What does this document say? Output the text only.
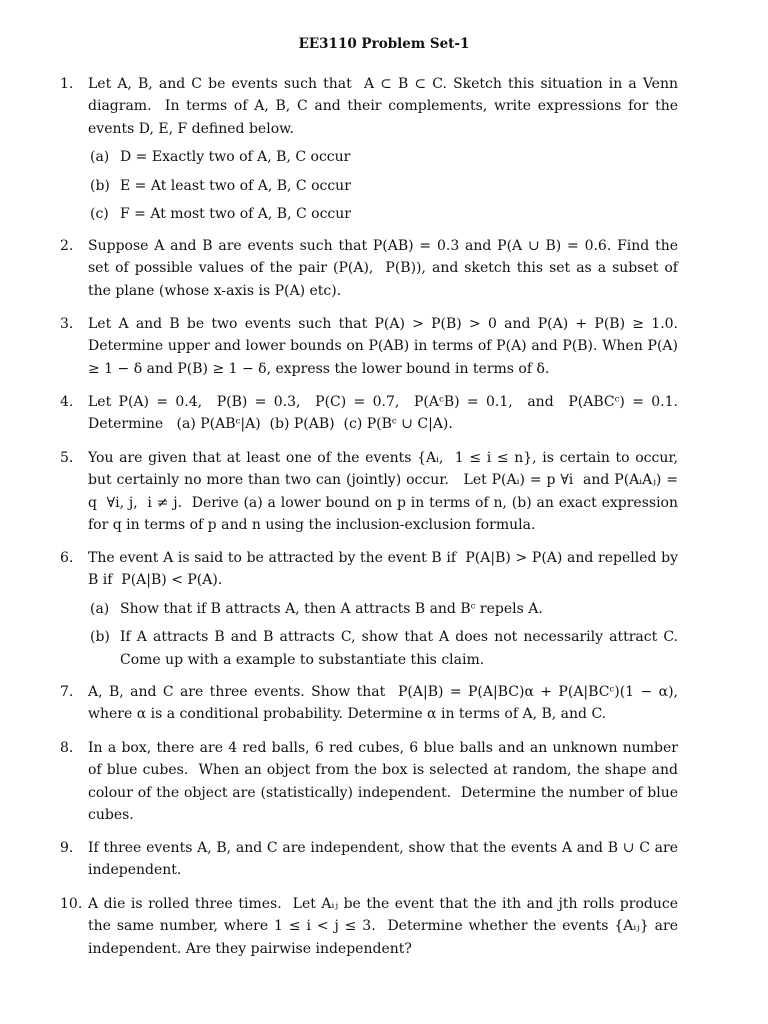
EE3110 Problem Set-1
1.	Let A, B, and C be events such that  A ⊂ B ⊂ C. Sketch this situation in a Venn diagram.  In terms of A, B, C and their complements, write expressions for the events D, E, F defined below.
(a) D = Exactly two of A, B, C occur
(b) E = At least two of A, B, C occur
(c) F = At most two of A, B, C occur
2.	Suppose A and B are events such that P(AB) = 0.3 and P(A ∪ B) = 0.6. Find the set of possible values of the pair (P(A),  P(B)), and sketch this set as a subset of the plane (whose x-axis is P(A) etc).
3.	Let A and B be two events such that P(A) > P(B) > 0 and P(A) + P(B) ≥ 1.0. Determine upper and lower bounds on P(AB) in terms of P(A) and P(B). When P(A) ≥ 1 − δ and P(B) ≥ 1 − δ, express the lower bound in terms of δ.
4.	Let P(A) = 0.4,  P(B) = 0.3,  P(C) = 0.7,  P(AᶜB) = 0.1,  and  P(ABCᶜ) = 0.1. Determine   (a) P(ABᶜ|A)  (b) P(AB)  (c) P(Bᶜ ∪ C|A).
5.	You are given that at least one of the events {Aᵢ,  1 ≤ i ≤ n}, is certain to occur, but certainly no more than two can (jointly) occur.   Let P(Aᵢ) = p ∀i  and P(AᵢAⱼ) = q  ∀i, j,  i ≠ j.  Derive (a) a lower bound on p in terms of n, (b) an exact expression for q in terms of p and n using the inclusion-exclusion formula.
6.	The event A is said to be attracted by the event B if  P(A|B) > P(A) and repelled by B if  P(A|B) < P(A).
(a) Show that if B attracts A, then A attracts B and Bᶜ repels A.
(b) If A attracts B and B attracts C, show that A does not necessarily attract C. Come up with a example to substantiate this claim.
7.	A, B, and C are three events. Show that  P(A|B) = P(A|BC)α + P(A|BCᶜ)(1 − α), where α is a conditional probability. Determine α in terms of A, B, and C.
8.	In a box, there are 4 red balls, 6 red cubes, 6 blue balls and an unknown number of blue cubes.  When an object from the box is selected at random, the shape and colour of the object are (statistically) independent.  Determine the number of blue cubes.
9.	If three events A, B, and C are independent, show that the events A and B ∪ C are independent.
10. A die is rolled three times.  Let Aᵢⱼ be the event that the ith and jth rolls produce the same number, where 1 ≤ i < j ≤ 3.  Determine whether the events {Aᵢⱼ} are independent. Are they pairwise independent?
